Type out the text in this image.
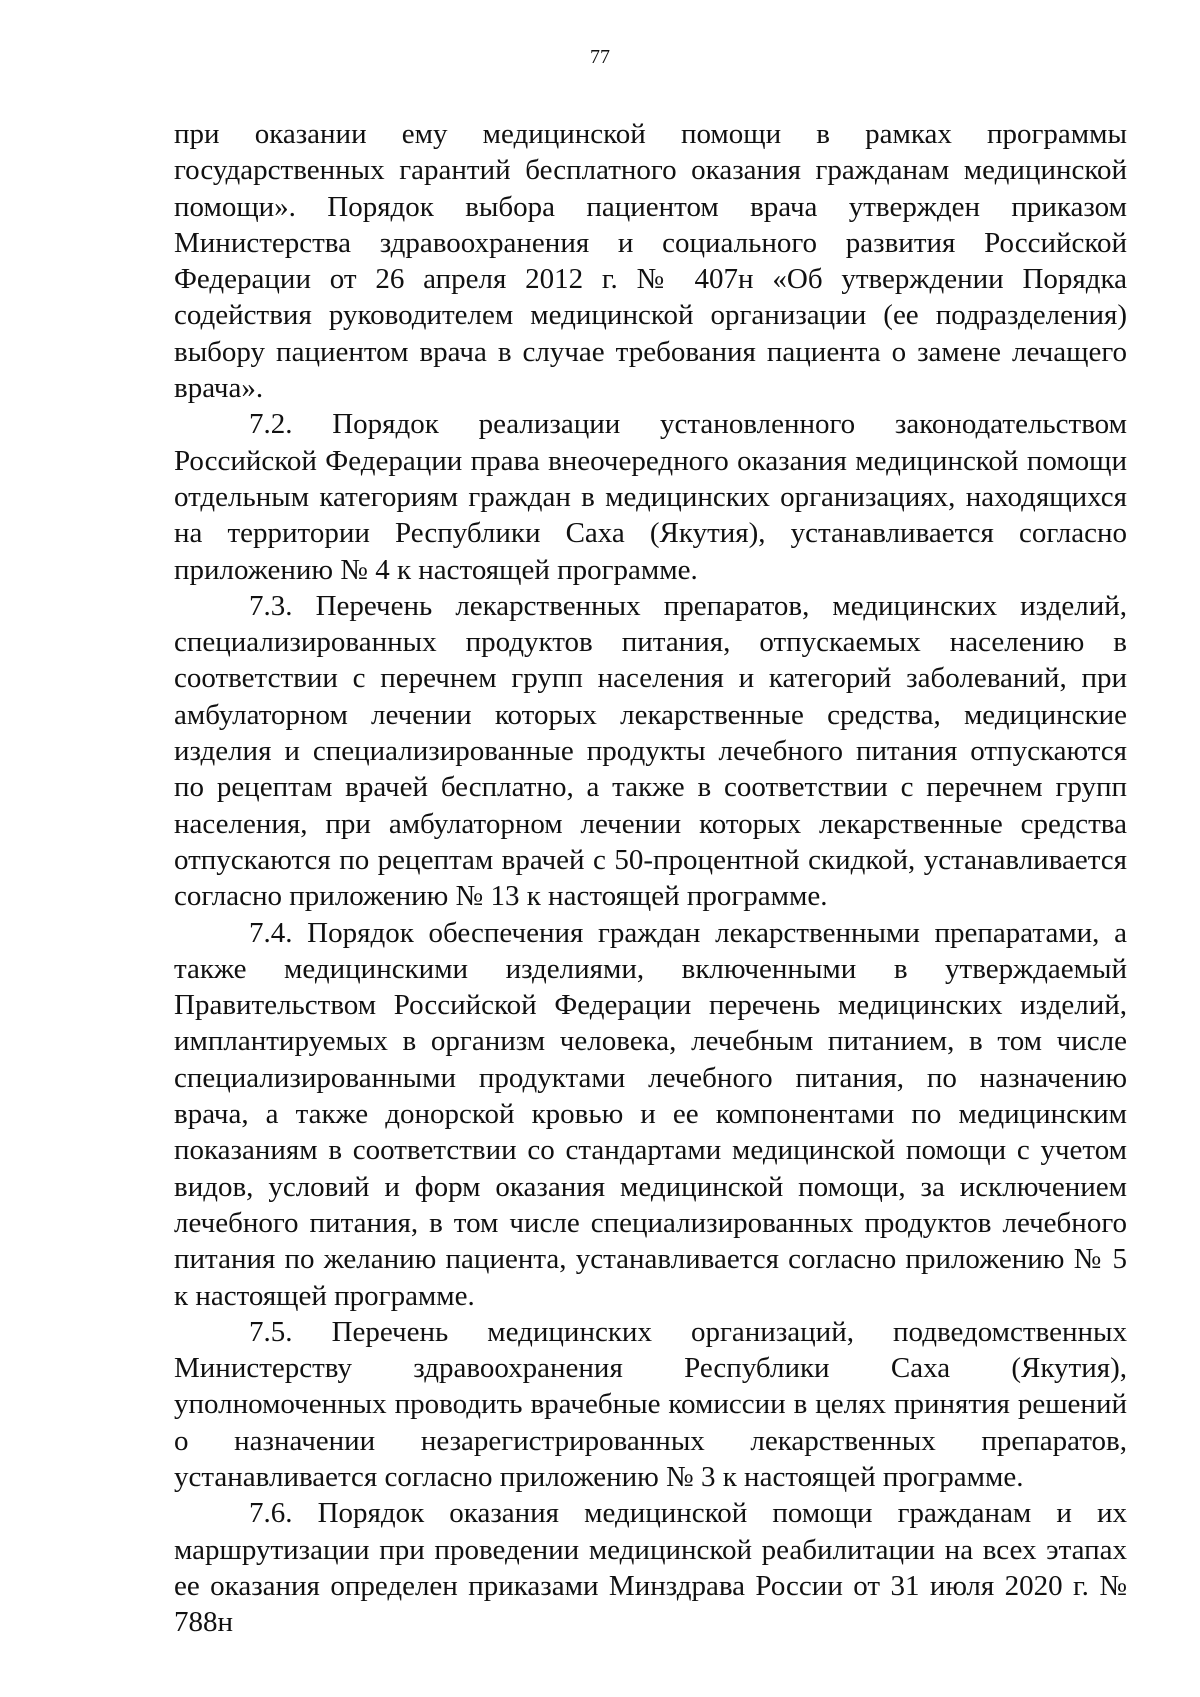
77

при оказании ему медицинской помощи в рамках программы государственных гарантий бесплатного оказания гражданам медицинской помощи». Порядок выбора пациентом врача утвержден приказом Министерства здравоохранения и социального развития Российской Федерации от 26 апреля 2012 г. № 407н «Об утверждении Порядка содействия руководителем медицинской организации (ее подразделения) выбору пациентом врача в случае требования пациента о замене лечащего врача».

7.2. Порядок реализации установленного законодательством Российской Федерации права внеочередного оказания медицинской помощи отдельным категориям граждан в медицинских организациях, находящихся на территории Республики Саха (Якутия), устанавливается согласно приложению № 4 к настоящей программе.

7.3. Перечень лекарственных препаратов, медицинских изделий, специализированных продуктов питания, отпускаемых населению в соответствии с перечнем групп населения и категорий заболеваний, при амбулаторном лечении которых лекарственные средства, медицинские изделия и специализированные продукты лечебного питания отпускаются по рецептам врачей бесплатно, а также в соответствии с перечнем групп населения, при амбулаторном лечении которых лекарственные средства отпускаются по рецептам врачей с 50-процентной скидкой, устанавливается согласно приложению № 13 к настоящей программе.

7.4. Порядок обеспечения граждан лекарственными препаратами, а также медицинскими изделиями, включенными в утверждаемый Правительством Российской Федерации перечень медицинских изделий, имплантируемых в организм человека, лечебным питанием, в том числе специализированными продуктами лечебного питания, по назначению врача, а также донорской кровью и ее компонентами по медицинским показаниям в соответствии со стандартами медицинской помощи с учетом видов, условий и форм оказания медицинской помощи, за исключением лечебного питания, в том числе специализированных продуктов лечебного питания по желанию пациента, устанавливается согласно приложению № 5 к настоящей программе.

7.5. Перечень медицинских организаций, подведомственных Министерству здравоохранения Республики Саха (Якутия), уполномоченных проводить врачебные комиссии в целях принятия решений о назначении незарегистрированных лекарственных препаратов, устанавливается согласно приложению № 3 к настоящей программе.

7.6. Порядок оказания медицинской помощи гражданам и их маршрутизации при проведении медицинской реабилитации на всех этапах ее оказания определен приказами Минздрава России от 31 июля 2020 г. № 788н
